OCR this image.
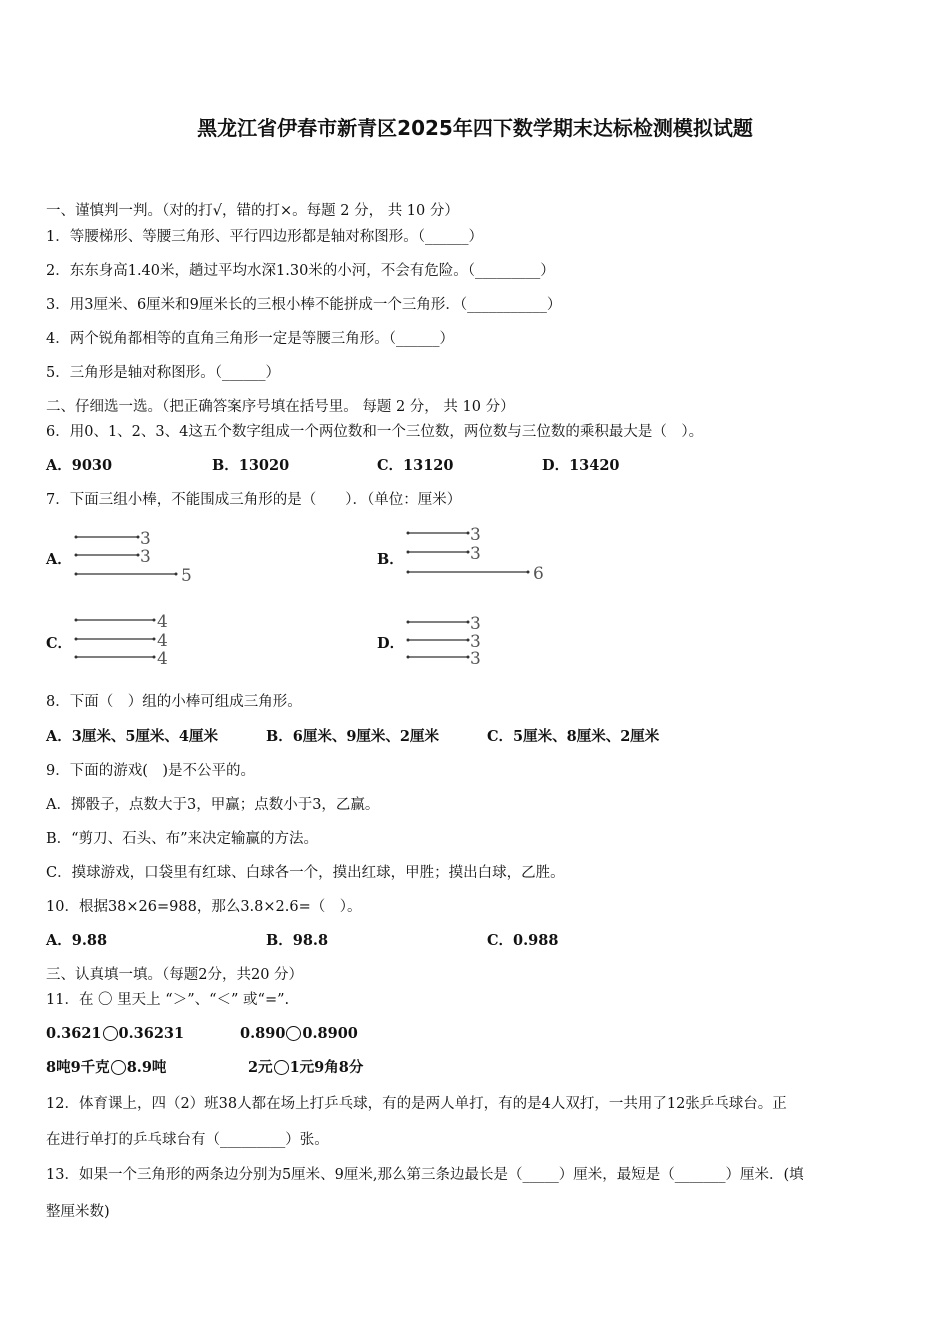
黑龙江省伊春市新青区2025年四下数学期末达标检测模拟试题
一、谨慎判一判。（对的打√，错的打×。每题 2 分， 共 10 分）
1．等腰梯形、等腰三角形、平行四边形都是轴对称图形。（______）
2．东东身高1.40米，趟过平均水深1.30米的小河，不会有危险。（_________）
3．用3厘米、6厘米和9厘米长的三根小棒不能拼成一个三角形．（___________）
4．两个锐角都相等的直角三角形一定是等腰三角形。（______）
5．三角形是轴对称图形。（______）
二、仔细选一选。（把正确答案序号填在括号里。 每题 2 分， 共 10 分）
6．用0、1、2、3、4这五个数字组成一个两位数和一个三位数，两位数与三位数的乘积最大是（　）。
A．9030	B．13020	C．13120	D．13420
7．下面三组小棒，不能围成三角形的是（　　）．（单位：厘米）
A．
3
3
5
B．
3
3
6
C．
4
4
4
D．
3
3
3
8．下面（　）组的小棒可组成三角形。
A．3厘米、5厘米、4厘米	B．6厘米、9厘米、2厘米	C．5厘米、8厘米、2厘米
9．下面的游戏(　)是不公平的。
A．掷骰子，点数大于3，甲赢；点数小于3，乙赢。
B．“剪刀、石头、布”来决定输赢的方法。
C．摸球游戏，口袋里有红球、白球各一个，摸出红球，甲胜；摸出白球，乙胜。
10．根据38×26=988，那么3.8×2.6=（　）。
A．9.88	B．98.8	C．0.988
三、认真填一填。（每题2分，共20 分）
11．在 〇 里天上 “＞”、“＜” 或“=”.
0.3621 0.36231	0.890 0.8900
8吨9千克 8.9吨	2元 1元9角8分
12．体育课上，四（2）班38人都在场上打乒乓球，有的是两人单打，有的是4人双打，一共用了12张乒乓球台。正
在进行单打的乒乓球台有（_________）张。
13．如果一个三角形的两条边分别为5厘米、9厘米,那么第三条边最长是（_____）厘米，最短是（_______）厘米．(填
整厘米数)
